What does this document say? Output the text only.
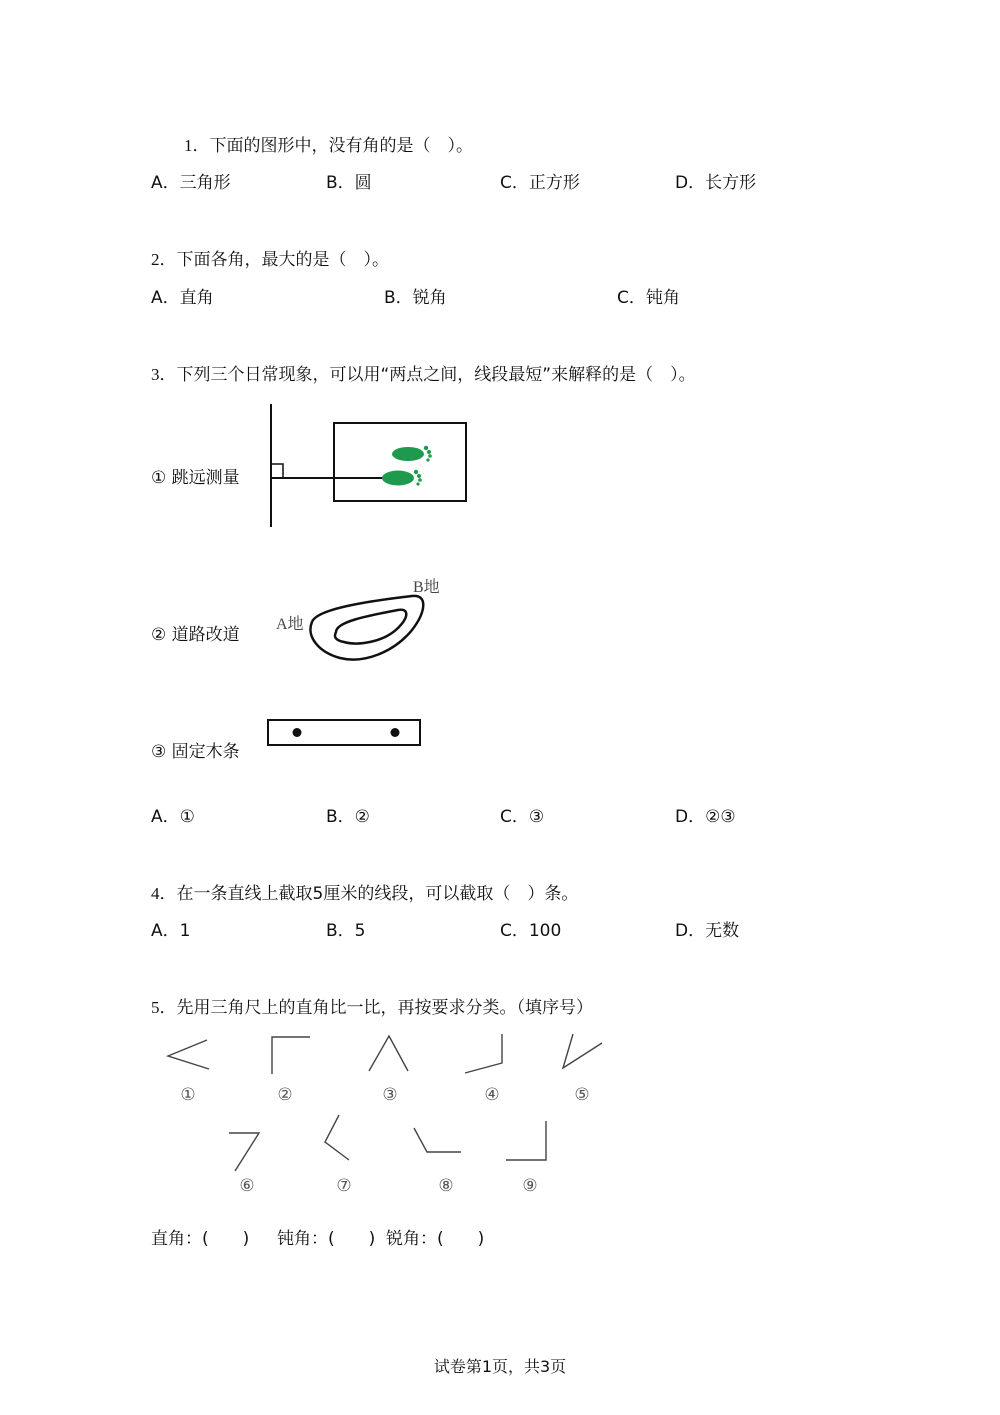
1．下面的图形中，没有角的是（　）。
A．三角形	B．圆	C．正方形	D．长方形
2．下面各角，最大的是（　）。
A．直角	B．锐角	C．钝角
3．下列三个日常现象，可以用“两点之间，线段最短”来解释的是（　）。
① 跳远测量
② 道路改道
A地
B地
③ 固定木条
A．①	B．②	C．③	D．②③
4．在一条直线上截取5厘米的线段，可以截取（　）条。
A．1	B．5	C．100	D．无数
5．先用三角尺上的直角比一比，再按要求分类。（填序号）
①	②	③	④	⑤
⑥	⑦	⑧	⑨
直角：(　　) 钝角：(　　) 锐角：(　　)
试卷第1页，共3页
